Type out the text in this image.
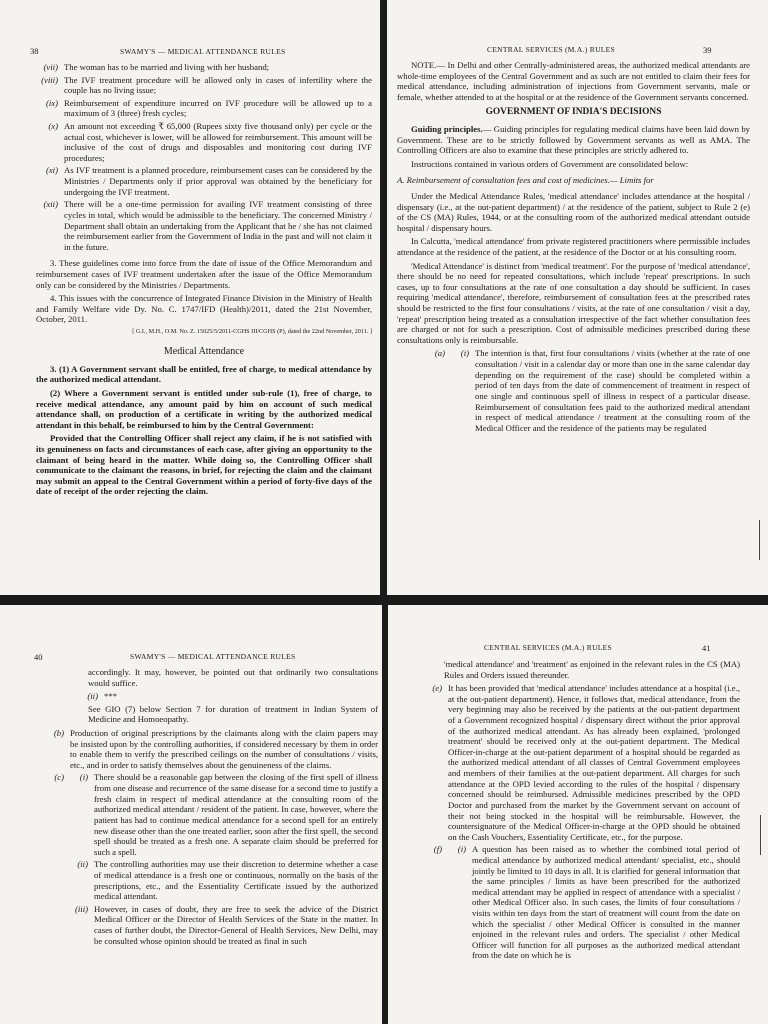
38	SWAMY'S — MEDICAL ATTENDANCE RULES
(vii) The woman has to be married and living with her husband;
(viii) The IVF treatment procedure will be allowed only in cases of infertility where the couple has no living issue;
(ix) Reimbursement of expenditure incurred on IVF procedure will be allowed up to a maximum of 3 (three) fresh cycles;
(x) An amount not exceeding ₹ 65,000 (Rupees sixty five thousand only) per cycle or the actual cost, whichever is lower, will be allowed for reimbursement. This amount will be inclusive of the cost of drugs and disposables and monitoring cost during IVF procedures;
(xi) As IVF treatment is a planned procedure, reimbursement cases can be considered by the Ministries / Departments only if prior approval was obtained by the beneficiary for undergoing the IVF treatment.
(xii) There will be a one-time permission for availing IVF treatment consisting of three cycles in total, which would be admissible to the beneficiary. The concerned Ministry / Department shall obtain an undertaking from the Applicant that he / she has not claimed the reimbursement earlier from the Government of India in the past and will not claim it in the future.

3. These guidelines come into force from the date of issue of the Office Memorandum and reimbursement cases of IVF treatment undertaken after the issue of the Office Memorandum only can be considered by the Ministries / Departments.

4. This issues with the concurrence of Integrated Finance Division in the Ministry of Health and Family Welfare vide Dy. No. C. 1747/IFD (Health)/2011, dated the 21st November, October, 2011.

[ G.I., M.H., O.M. No. Z. 15025/5/2011-CGHS III/CGHS (P), dated the 22nd November, 2011. ]

Medical Attendance

3. (1) A Government servant shall be entitled, free of charge, to medical attendance by the authorized medical attendant.

(2) Where a Government servant is entitled under sub-rule (1), free of charge, to receive medical attendance, any amount paid by him on account of such medical attendance shall, on production of a certificate in writing by the authorized medical attendant in this behalf, be reimbursed to him by the Central Government:

Provided that the Controlling Officer shall reject any claim, if he is not satisfied with its genuineness on facts and circumstances of each case, after giving an opportunity to the claimant of being heard in the matter. While doing so, the Controlling Officer shall communicate to the claimant the reasons, in brief, for rejecting the claim and the claimant may submit an appeal to the Central Government within a period of forty-five days of the date of receipt of the order rejecting the claim.

CENTRAL SERVICES (M.A.) RULES	39

NOTE.— In Delhi and other Centrally-administered areas, the authorized medical attendants are whole-time employees of the Central Government and as such are not entitled to claim their fees for medical attendance, including administration of injections from Government servants, male or female, whether attended to at the hospital or at the residence of the Government servants concerned.

GOVERNMENT OF INDIA'S DECISIONS

Guiding principles.— Guiding principles for regulating medical claims have been laid down by Government. These are to be strictly followed by Government servants as well as AMA. The Controlling Officers are also to examine that these principles are strictly adhered to.

Instructions contained in various orders of Government are consolidated below:

A. Reimbursement of consultation fees and cost of medicines.— Limits for

Under the Medical Attendance Rules, 'medical attendance' includes attendance at the hospital / dispensary (i.e., at the out-patient department) / at the residence of the patient, subject to Rule 2 (e) of the CS (MA) Rules, 1944, or at the consulting room of the authorized medical attendant outside hospital / dispensary hours.

In Calcutta, 'medical attendance' from private registered practitioners where permissible includes attendance at the residence of the patient, at the residence of the Doctor or at his consulting room.

'Medical Attendance' is distinct from 'medical treatment'. For the purpose of 'medical attendance', there should be no need for repeated consultations, which include 'repeat' prescriptions. In such cases, up to four consultations at the rate of one consultation a day should be sufficient. In cases requiring 'medical attendance', therefore, reimbursement of consultation fees at the prescribed rates should be restricted to the first four consultations / visits, at the rate of one consultation / visit a day, 'repeat' prescription being treated as a consultation irrespective of the fact whether consultation fees are charged or not for such a prescription. Cost of admissible medicines prescribed during these consultations only is reimbursable.

(a)	(i) The intention is that, first four consultations / visits (whether at the rate of one consultation / visit in a calendar day or more than one in the same calendar day depending on the requirement of the case) should be completed within a period of ten days from the date of commencement of treatment in respect of one single and continuous spell of illness in respect of a particular disease. Reimbursement of consultation fees paid to the authorized medical attendant in respect of medical attendance / treatment at the consulting room of the Medical Officer and the residence of the patients may be regulated
40	SWAMY'S — MEDICAL ATTENDANCE RULES

accordingly. It may, however, be pointed out that ordinarily two consultations would suffice.

(ii) ***

See GIO (7) below Section 7 for duration of treatment in Indian System of Medicine and Homoeopathy.

(b) Production of original prescriptions by the claimants along with the claim papers may be insisted upon by the controlling authorities, if considered necessary by them in order to enable them to verify the prescribed ceilings on the number of consultations / visits, etc., and in order to satisfy themselves about the genuineness of the claims.
(c)	(i) There should be a reasonable gap between the closing of the first spell of illness from one disease and recurrence of the same disease for a second time to justify a fresh claim in respect of medical attendance at the consulting room of the authorized medical attendant / resident of the patient. In case, however, where the patient has had to continue medical attendance for a second spell for an entirely new disease other than the one treated earlier, soon after the first spell, the second spell should be treated as a fresh one. A separate claim should be preferred for such a spell.
(ii) The controlling authorities may use their discretion to determine whether a case of medical attendance is a fresh one or continuous, normally on the basis of the prescriptions, etc., and the Essentiality Certificate issued by the authorized medical attendant.
(iii) However, in cases of doubt, they are free to seek the advice of the District Medical Officer or the Director of Health Services of the State in the matter. In cases of further doubt, the Director-General of Health Services, New Delhi, may be consulted whose opinion should be treated as final in such
CENTRAL SERVICES (M.A.) RULES	41

'medical attendance' and 'treatment' as enjoined in the relevant rules in the CS (MA) Rules and Orders issued thereunder.

(e) It has been provided that 'medical attendance' includes attendance at a hospital (i.e., at the out-patient department). Hence, it follows that, medical attendance, from the very beginning may also be received by the patients at the out-patient department of a Government recognized hospital / dispensary direct without the prior approval of the authorized medical attendant. As has already been explained, 'prolonged treatment' should be received only at the out-patient department. The Medical Officer-in-charge at the out-patient department of a hospital should be regarded as the authorized medical attendant of all classes of Central Government employees and members of their families at the out-patient department. All charges for such attendance at the OPD levied according to the rules of the hospital / dispensary concerned should be reimbursed. Admissible medicines prescribed by the OPD Doctor and purchased from the market by the Government servant on account of their not being stocked in the hospital will be reimbursable. However, the countersignature of the Medical Officer-in-charge at the OPD should be obtained on the Cash Vouchers, Essentiality Certificate, etc., for the purpose.
(f)	(i) A question has been raised as to whether the combined total period of medical attendance by authorized medical attendant/ specialist, etc., should jointly be limited to 10 days in all. It is clarified for general information that the same principles / limits as have been prescribed for the authorized medical attendant may be applied in respect of attendance with a specialist / other Medical Officer also. In such cases, the limits of four consultations / visits within ten days from the start of treatment will count from the date on which the specialist / other Medical Officer is consulted in the manner enjoined in the relevant rules and orders. The specialist / other Medical Officer will function for all purposes as the authorized medical attendant from the date on which he is
